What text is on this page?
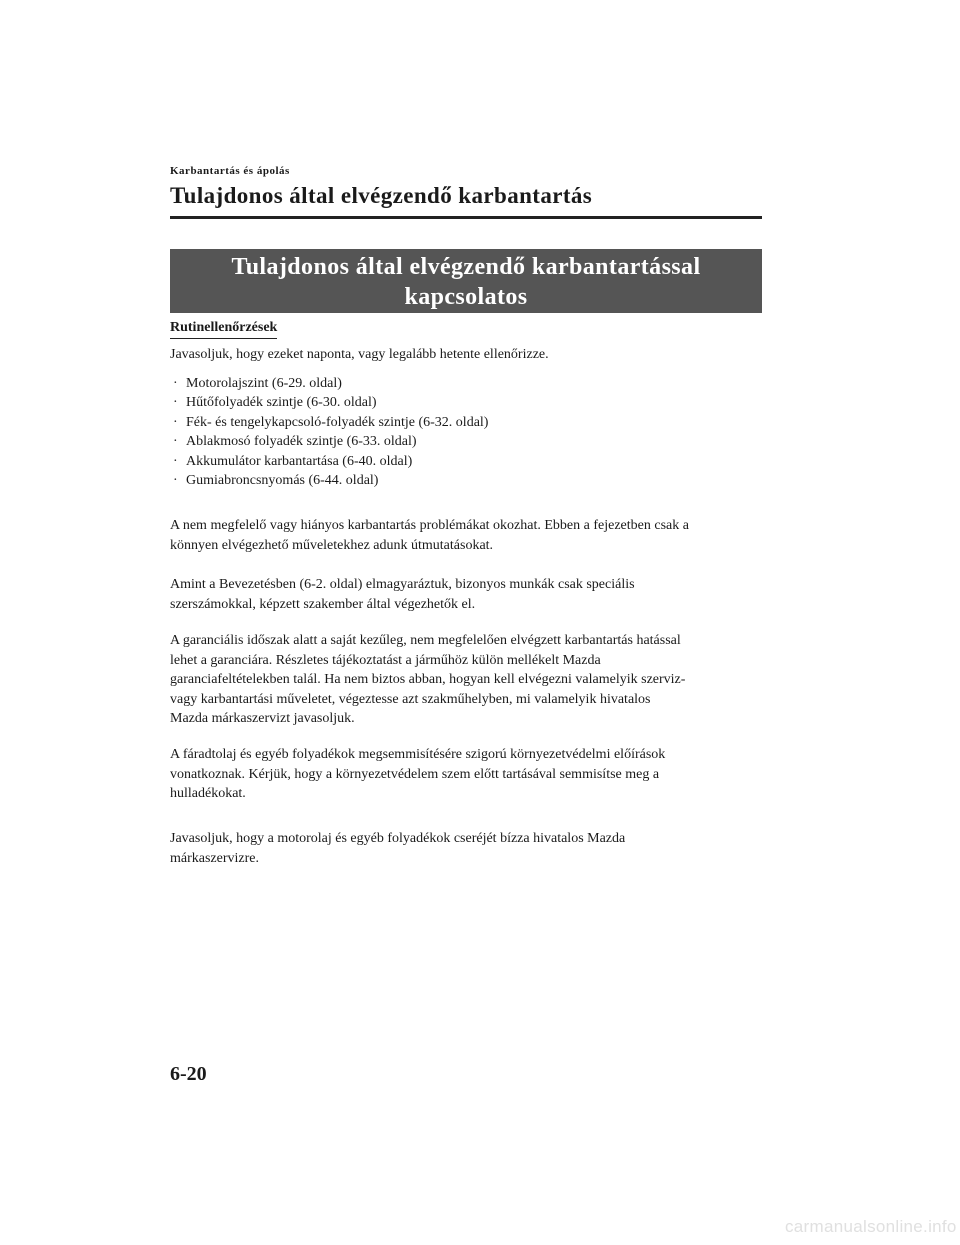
Karbantartás és ápolás
Tulajdonos által elvégzendő karbantartás
Tulajdonos által elvégzendő karbantartással kapcsolatos
óvintézkedések
Rutinellenőrzések
Javasoljuk, hogy ezeket naponta, vagy legalább hetente ellenőrizze.
· Motorolajszint (6-29. oldal)
· Hűtőfolyadék szintje (6-30. oldal)
· Fék- és tengelykapcsoló-folyadék szintje (6-32. oldal)
· Ablakmosó folyadék szintje (6-33. oldal)
· Akkumulátor karbantartása (6-40. oldal)
· Gumiabroncsnyomás (6-44. oldal)

A nem megfelelő vagy hiányos karbantartás problémákat okozhat. Ebben a fejezetben csak a
könnyen elvégezhető műveletekhez adunk útmutatásokat.

Amint a Bevezetésben (6-2. oldal) elmagyaráztuk, bizonyos munkák csak speciális
szerszámokkal, képzett szakember által végezhetők el.

A garanciális időszak alatt a saját kezűleg, nem megfelelően elvégzett karbantartás hatással
lehet a garanciára. Részletes tájékoztatást a járműhöz külön mellékelt Mazda
garanciafeltételekben talál. Ha nem biztos abban, hogyan kell elvégezni valamelyik szerviz-
vagy karbantartási műveletet, végeztesse azt szakműhelyben, mi valamelyik hivatalos
Mazda márkaszervizt javasoljuk.

A fáradtolaj és egyéb folyadékok megsemmisítésére szigorú környezetvédelmi előírások
vonatkoznak. Kérjük, hogy a környezetvédelem szem előtt tartásával semmisítse meg a
hulladékokat.

Javasoljuk, hogy a motorolaj és egyéb folyadékok cseréjét bízza hivatalos Mazda
márkaszervizre.

6-20
carmanualsonline.info
